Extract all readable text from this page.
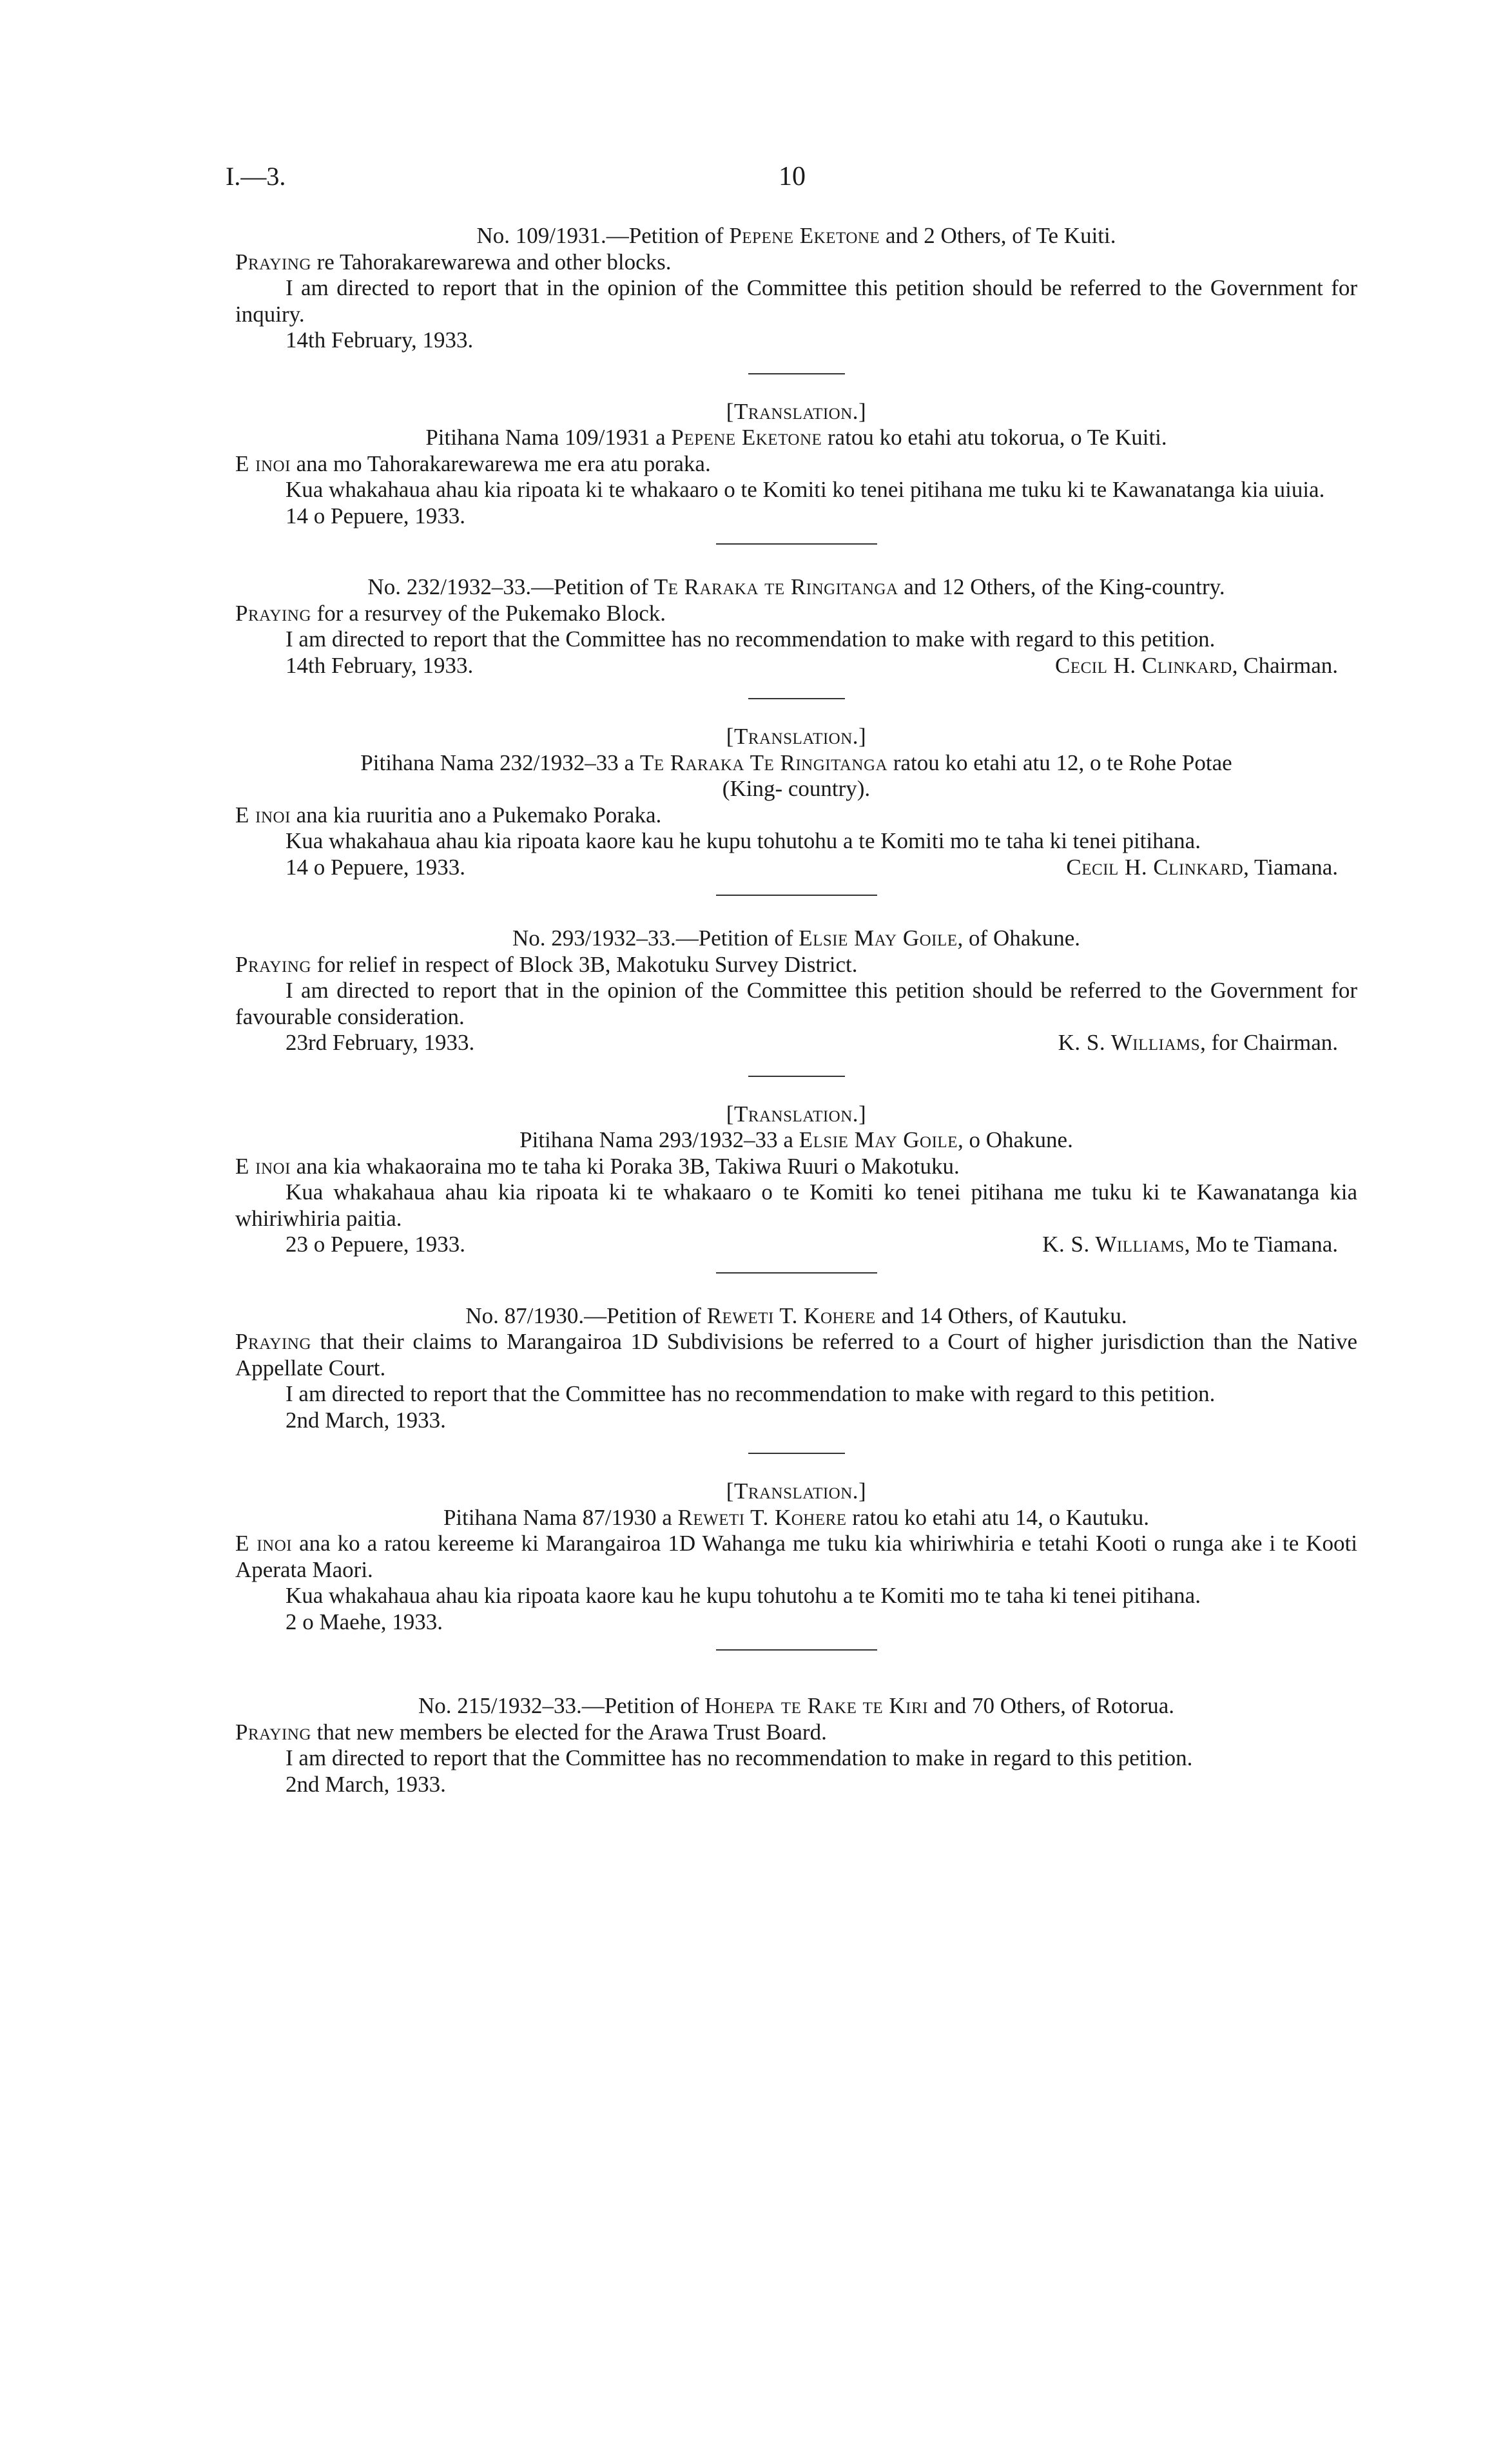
I.—3.	10

No. 109/1931.—Petition of Pepene Eketone and 2 Others, of Te Kuiti.

Praying re Tahorakarewarewa and other blocks.

I am directed to report that in the opinion of the Committee this petition should be referred to the Government for inquiry.

14th February, 1933.

[Translation.]

Pitihana Nama 109/1931 a Pepene Eketone ratou ko etahi atu tokorua, o Te Kuiti.

E inoi ana mo Tahorakarewarewa me era atu poraka.

Kua whakahaua ahau kia ripoata ki te whakaaro o te Komiti ko tenei pitihana me tuku ki te Kawanatanga kia uiuia.

14 o Pepuere, 1933.

No. 232/1932–33.—Petition of Te Raraka te Ringitanga and 12 Others, of the King-country.

Praying for a resurvey of the Pukemako Block.

I am directed to report that the Committee has no recommendation to make with regard to this petition.

14th February, 1933.	Cecil H. Clinkard, Chairman.

[Translation.]

Pitihana Nama 232/1932–33 a Te Raraka Te Ringitanga ratou ko etahi atu 12, o te Rohe Potae

(King- country).

E inoi ana kia ruuritia ano a Pukemako Poraka.

Kua whakahaua ahau kia ripoata kaore kau he kupu tohutohu a te Komiti mo te taha ki tenei pitihana.

14 o Pepuere, 1933.	Cecil H. Clinkard, Tiamana.

No. 293/1932–33.—Petition of Elsie May Goile, of Ohakune.

Praying for relief in respect of Block 3B, Makotuku Survey District.

I am directed to report that in the opinion of the Committee this petition should be referred to the Government for favourable consideration.

23rd February, 1933.	K. S. Williams, for Chairman.

[Translation.]

Pitihana Nama 293/1932–33 a Elsie May Goile, o Ohakune.

E inoi ana kia whakaoraina mo te taha ki Poraka 3B, Takiwa Ruuri o Makotuku.

Kua whakahaua ahau kia ripoata ki te whakaaro o te Komiti ko tenei pitihana me tuku ki te Kawanatanga kia whiriwhiria paitia.

23 o Pepuere, 1933.	K. S. Williams, Mo te Tiamana.

No. 87/1930.—Petition of Reweti T. Kohere and 14 Others, of Kautuku.

Praying that their claims to Marangairoa 1D Subdivisions be referred to a Court of higher jurisdiction than the Native Appellate Court.

I am directed to report that the Committee has no recommendation to make with regard to this petition.

2nd March, 1933.

[Translation.]

Pitihana Nama 87/1930 a Reweti T. Kohere ratou ko etahi atu 14, o Kautuku.

E inoi ana ko a ratou kereeme ki Marangairoa 1D Wahanga me tuku kia whiriwhiria e tetahi Kooti o runga ake i te Kooti Aperata Maori.

Kua whakahaua ahau kia ripoata kaore kau he kupu tohutohu a te Komiti mo te taha ki tenei pitihana.

2 o Maehe, 1933.

No. 215/1932–33.—Petition of Hohepa te Rake te Kiri and 70 Others, of Rotorua.

Praying that new members be elected for the Arawa Trust Board.

I am directed to report that the Committee has no recommendation to make in regard to this petition.

2nd March, 1933.
